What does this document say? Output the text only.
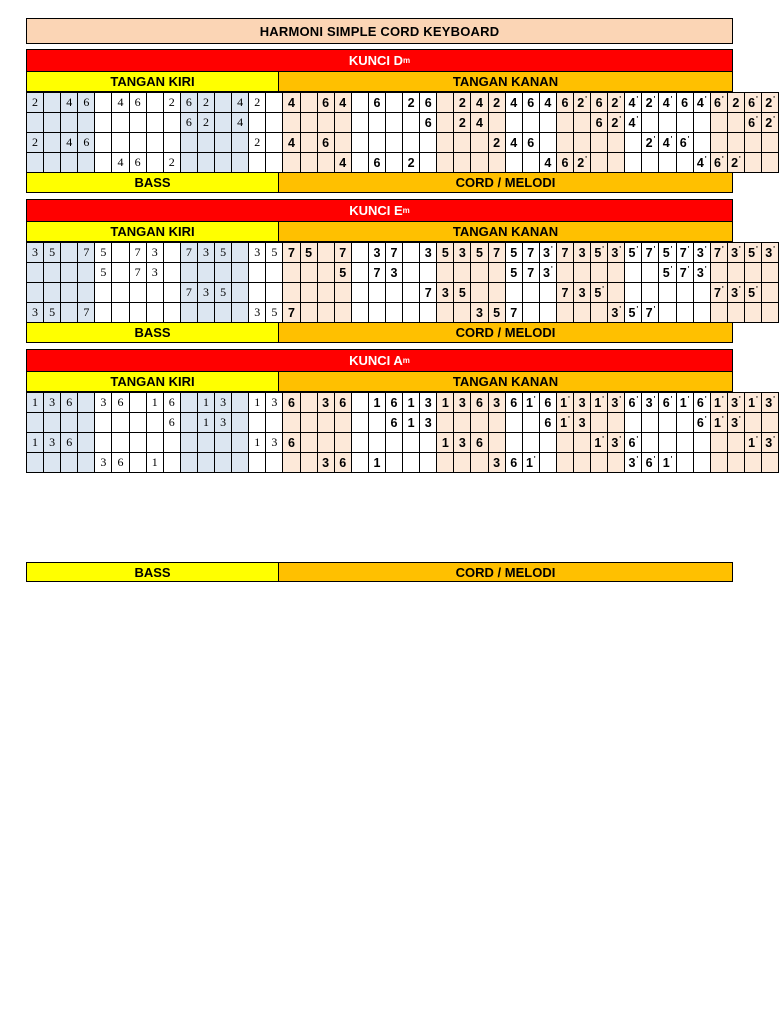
HARMONI SIMPLE CORD KEYBOARD
KUNCI D m
TANGAN KIRI	TANGAN KANAN
2		4	6		4	6		2	6	2		4	2		4		6	4		6		2	6		2	4	2	4	6	4	6	2'	6	2'	4'	2'	4'	6	4'	6'	2	6'	2'
									6	2		4											6		2	4							6	2'	4'							6'	2'
2		4	6										2		4		6										2	4	6							2'	4'	6'					
					4	6		2										4		6		2								4	6	2'							4'	6'	2'		
BASS	CORD / MELODI
KUNCI E m
TANGAN KIRI	TANGAN KANAN
3	5		7	5		7	3		7	3	5		3	5	7	5		7		3	7		3	5	3	5	7	5	7	3'	7	3	5'	3'	5'	7'	5'	7'	3'	7'	3'	5'	3'
				5		7	3											5		7	3							5	7	3'							5'	7'	3'				
									7	3	5												7	3	5						7	3	5'							7'	3'	5'	
3	5		7										3	5	7											3	5	7						3'	5'	7'							
BASS	CORD / MELODI
KUNCI A m
TANGAN KIRI	TANGAN KANAN
1	3	6		3	6		1	6		1	3		1	3	6		3	6		1	6	1	3	1	3	6	3	6	1'	6	1'	3	1'	3'	6'	3'	6'	1'	6'	1'	3'	1'	3'
								6		1	3										6	1	3							6	1'	3							6'	1'	3'		
1	3	6											1	3	6									1	3	6							1'	3'	6'							1'	3'
				3	6		1										3	6		1							3	6	1'						3'	6'	1'						
BASS	CORD / MELODI
